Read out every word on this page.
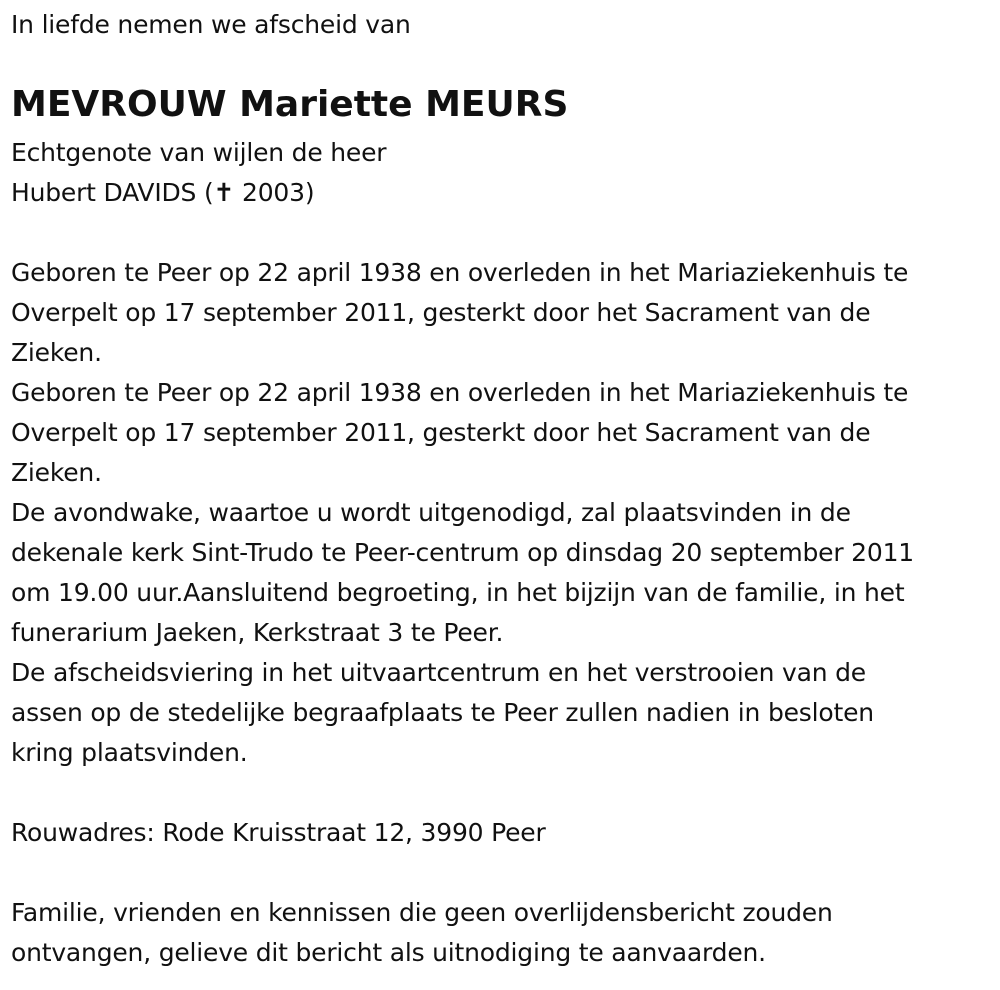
In liefde nemen we afscheid van
MEVROUW Mariette MEURS
Echtgenote van wijlen de heer
Hubert DAVIDS (✝ 2003)
Geboren te Peer op 22 april 1938 en overleden in het Mariaziekenhuis te
Overpelt op 17 september 2011, gesterkt door het Sacrament van de
Zieken.
Geboren te Peer op 22 april 1938 en overleden in het Mariaziekenhuis te
Overpelt op 17 september 2011, gesterkt door het Sacrament van de
Zieken.
De avondwake, waartoe u wordt uitgenodigd, zal plaatsvinden in de
dekenale kerk Sint-Trudo te Peer-centrum op dinsdag 20 september 2011
om 19.00 uur.Aansluitend begroeting, in het bijzijn van de familie, in het
funerarium Jaeken, Kerkstraat 3 te Peer.
De afscheidsviering in het uitvaartcentrum en het verstrooien van de
assen op de stedelijke begraafplaats te Peer zullen nadien in besloten
kring plaatsvinden.
Rouwadres: Rode Kruisstraat 12, 3990 Peer
Familie, vrienden en kennissen die geen overlijdensbericht zouden
ontvangen, gelieve dit bericht als uitnodiging te aanvaarden.
